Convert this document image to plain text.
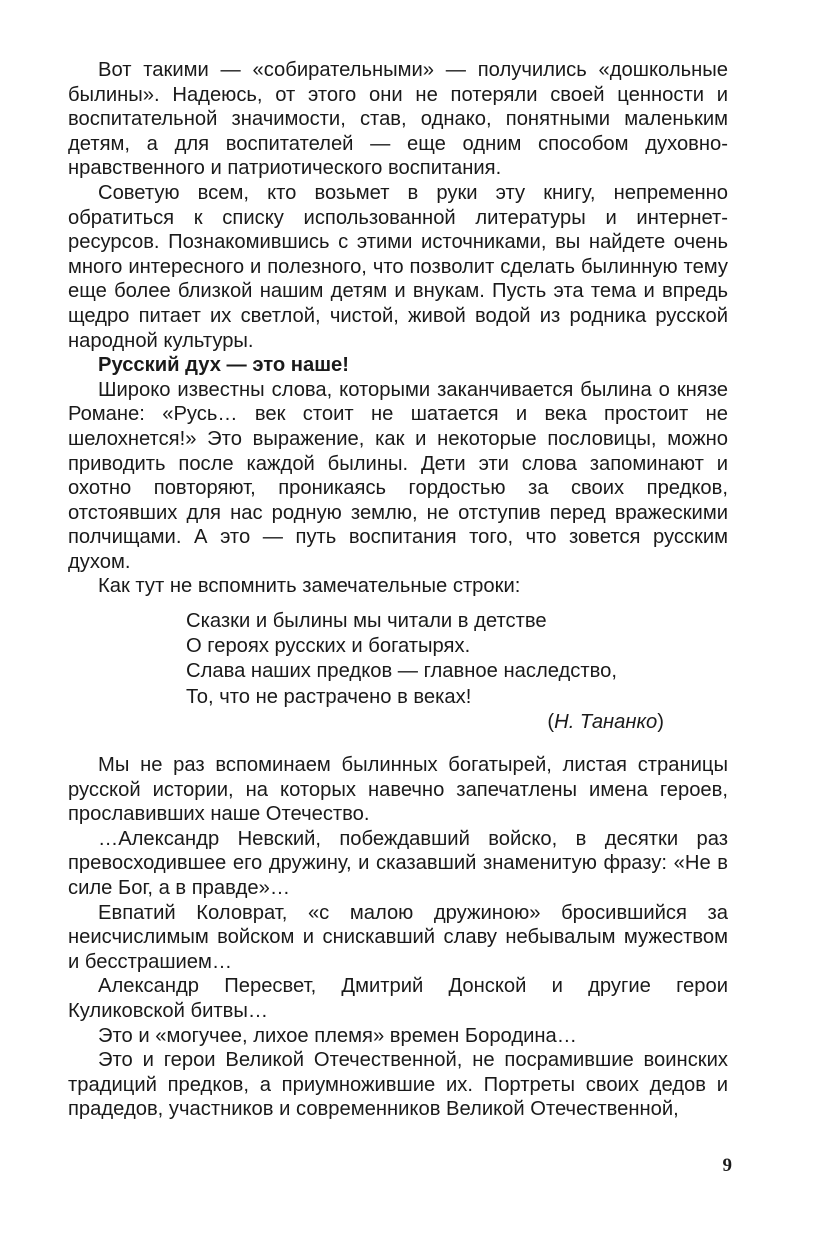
Вот такими — «собирательными» — получились «дошкольные былины». Надеюсь, от этого они не потеряли своей ценности и воспитательной значимости, став, однако, понятными маленьким детям, а для воспитателей — еще одним способом духовно-нравственного и патриотического воспитания.

Советую всем, кто возьмет в руки эту книгу, непременно обратиться к списку использованной литературы и интернет-ресурсов. Познакомившись с этими источниками, вы найдете очень много интересного и полезного, что позволит сделать былинную тему еще более близкой нашим детям и внукам. Пусть эта тема и впредь щедро питает их светлой, чистой, живой водой из родника русской народной культуры.

Русский дух — это наше!

Широко известны слова, которыми заканчивается былина о князе Романе: «Русь… век стоит не шатается и века простоит не шелохнется!» Это выражение, как и некоторые пословицы, можно приводить после каждой былины. Дети эти слова запоминают и охотно повторяют, проникаясь гордостью за своих предков, отстоявших для нас родную землю, не отступив перед вражескими полчищами. А это — путь воспитания того, что зовется русским духом.

Как тут не вспомнить замечательные строки:

Сказки и былины мы читали в детстве
О героях русских и богатырях.
Слава наших предков — главное наследство,
То, что не растрачено в веках!
(Н. Тананко)

Мы не раз вспоминаем былинных богатырей, листая страницы русской истории, на которых навечно запечатлены имена героев, прославивших наше Отечество.

…Александр Невский, побеждавший войско, в десятки раз превосходившее его дружину, и сказавший знаменитую фразу: «Не в силе Бог, а в правде»…

Евпатий Коловрат, «с малою дружиною» бросившийся за неисчислимым войском и снискавший славу небывалым мужеством и бесстрашием…

Александр Пересвет, Дмитрий Донской и другие герои Куликовской битвы…

Это и «могучее, лихое племя» времен Бородина…

Это и герои Великой Отечественной, не посрамившие воинских традиций предков, а приумножившие их. Портреты своих дедов и прадедов, участников и современников Великой Отечественной,

9
